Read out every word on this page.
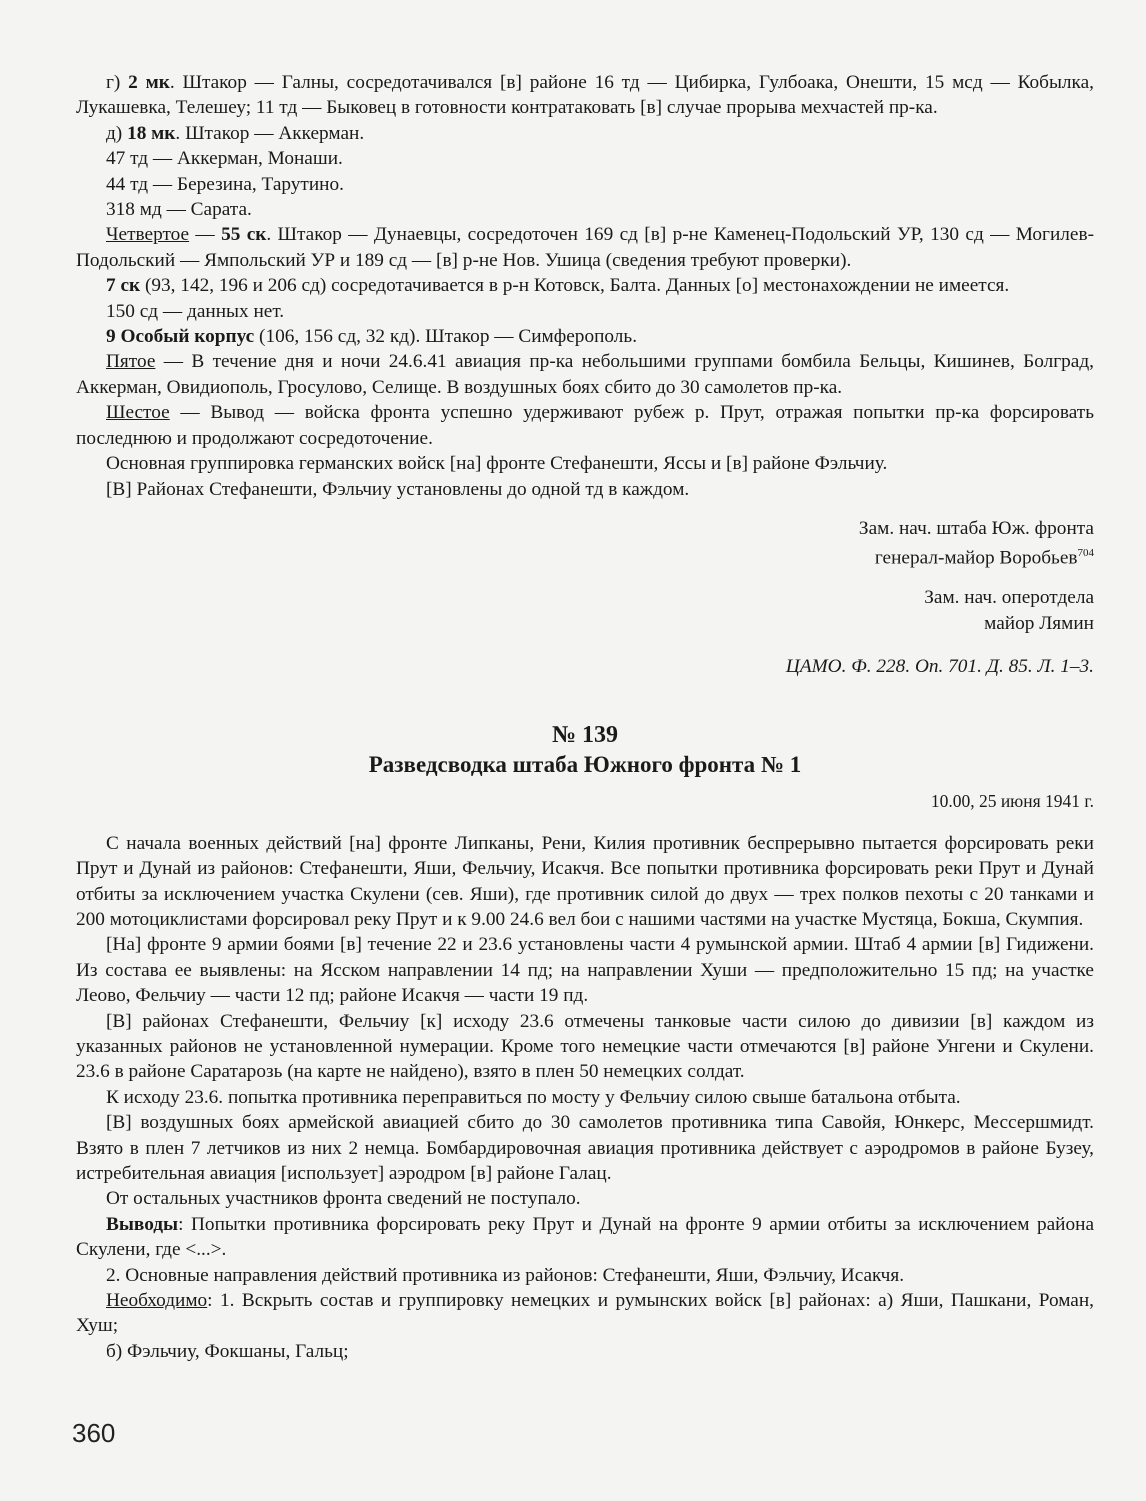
г) 2 мк. Штакор — Галны, сосредотачивался [в] районе 16 тд — Цибирка, Гулбоака, Онешти, 15 мсд — Кобылка, Лукашевка, Телешеу; 11 тд — Быковец в готовности контратаковать [в] случае прорыва мехчастей пр-ка.

д) 18 мк. Штакор — Аккерман.

47 тд — Аккерман, Монаши.

44 тд — Березина, Тарутино.

318 мд — Сарата.

Четвертое — 55 ск. Штакор — Дунаевцы, сосредоточен 169 сд [в] р-не Каменец-Подольский УР, 130 сд — Могилев-Подольский — Ямпольский УР и 189 сд — [в] р-не Нов. Ушица (сведения требуют проверки).

7 ск (93, 142, 196 и 206 сд) сосредотачивается в р-н Котовск, Балта. Данных [о] местонахождении не имеется.

150 сд — данных нет.

9 Особый корпус (106, 156 сд, 32 кд). Штакор — Симферополь.

Пятое — В течение дня и ночи 24.6.41 авиация пр-ка небольшими группами бомбила Бельцы, Кишинев, Болград, Аккерман, Овидиополь, Гросулово, Селище. В воздушных боях сбито до 30 самолетов пр-ка.

Шестое — Вывод — войска фронта успешно удерживают рубеж р. Прут, отражая попытки пр-ка форсировать последнюю и продолжают сосредоточение.

Основная группировка германских войск [на] фронте Стефанешти, Яссы и [в] районе Фэльчиу.

[В] Районах Стефанешти, Фэльчиу установлены до одной тд в каждом.

Зам. нач. штаба Юж. фронта

генерал-майор Воробьев$^{704}$

Зам. нач. оперотдела

майор Лямин

ЦАМО. Ф. 228. Оп. 701. Д. 85. Л. 1–3.

№ 139
Разведсводка штаба Южного фронта № 1
10.00, 25 июня 1941 г.

С начала военных действий [на] фронте Липканы, Рени, Килия противник беспрерывно пытается форсировать реки Прут и Дунай из районов: Стефанешти, Яши, Фельчиу, Исакчя. Все попытки противника форсировать реки Прут и Дунай отбиты за исключением участка Скулени (сев. Яши), где противник силой до двух — трех полков пехоты с 20 танками и 200 мотоциклистами форсировал реку Прут и к 9.00 24.6 вел бои с нашими частями на участке Мустяца, Бокша, Скумпия.

[На] фронте 9 армии боями [в] течение 22 и 23.6 установлены части 4 румынской армии. Штаб 4 армии [в] Гидижени. Из состава ее выявлены: на Ясском направлении 14 пд; на направлении Хуши — предположительно 15 пд; на участке Леово, Фельчиу — части 12 пд; районе Исакчя — части 19 пд.

[В] районах Стефанешти, Фельчиу [к] исходу 23.6 отмечены танковые части силою до дивизии [в] каждом из указанных районов не установленной нумерации. Кроме того немецкие части отмечаются [в] районе Унгени и Скулени. 23.6 в районе Саратарозь (на карте не найдено), взято в плен 50 немецких солдат.

К исходу 23.6. попытка противника переправиться по мосту у Фельчиу силою свыше батальона отбыта.

[В] воздушных боях армейской авиацией сбито до 30 самолетов противника типа Савойя, Юнкерс, Мессершмидт. Взято в плен 7 летчиков из них 2 немца. Бомбардировочная авиация противника действует с аэродромов в районе Бузеу, истребительная авиация [использует] аэродром [в] районе Галац.

От остальных участников фронта сведений не поступало.

Выводы: Попытки противника форсировать реку Прут и Дунай на фронте 9 армии отбиты за исключением района Скулени, где <...>.

2. Основные направления действий противника из районов: Стефанешти, Яши, Фэльчиу, Исакчя.

Необходимо: 1. Вскрыть состав и группировку немецких и румынских войск [в] районах: а) Яши, Пашкани, Роман, Хуш;

б) Фэльчиу, Фокшаны, Гальц;

360
